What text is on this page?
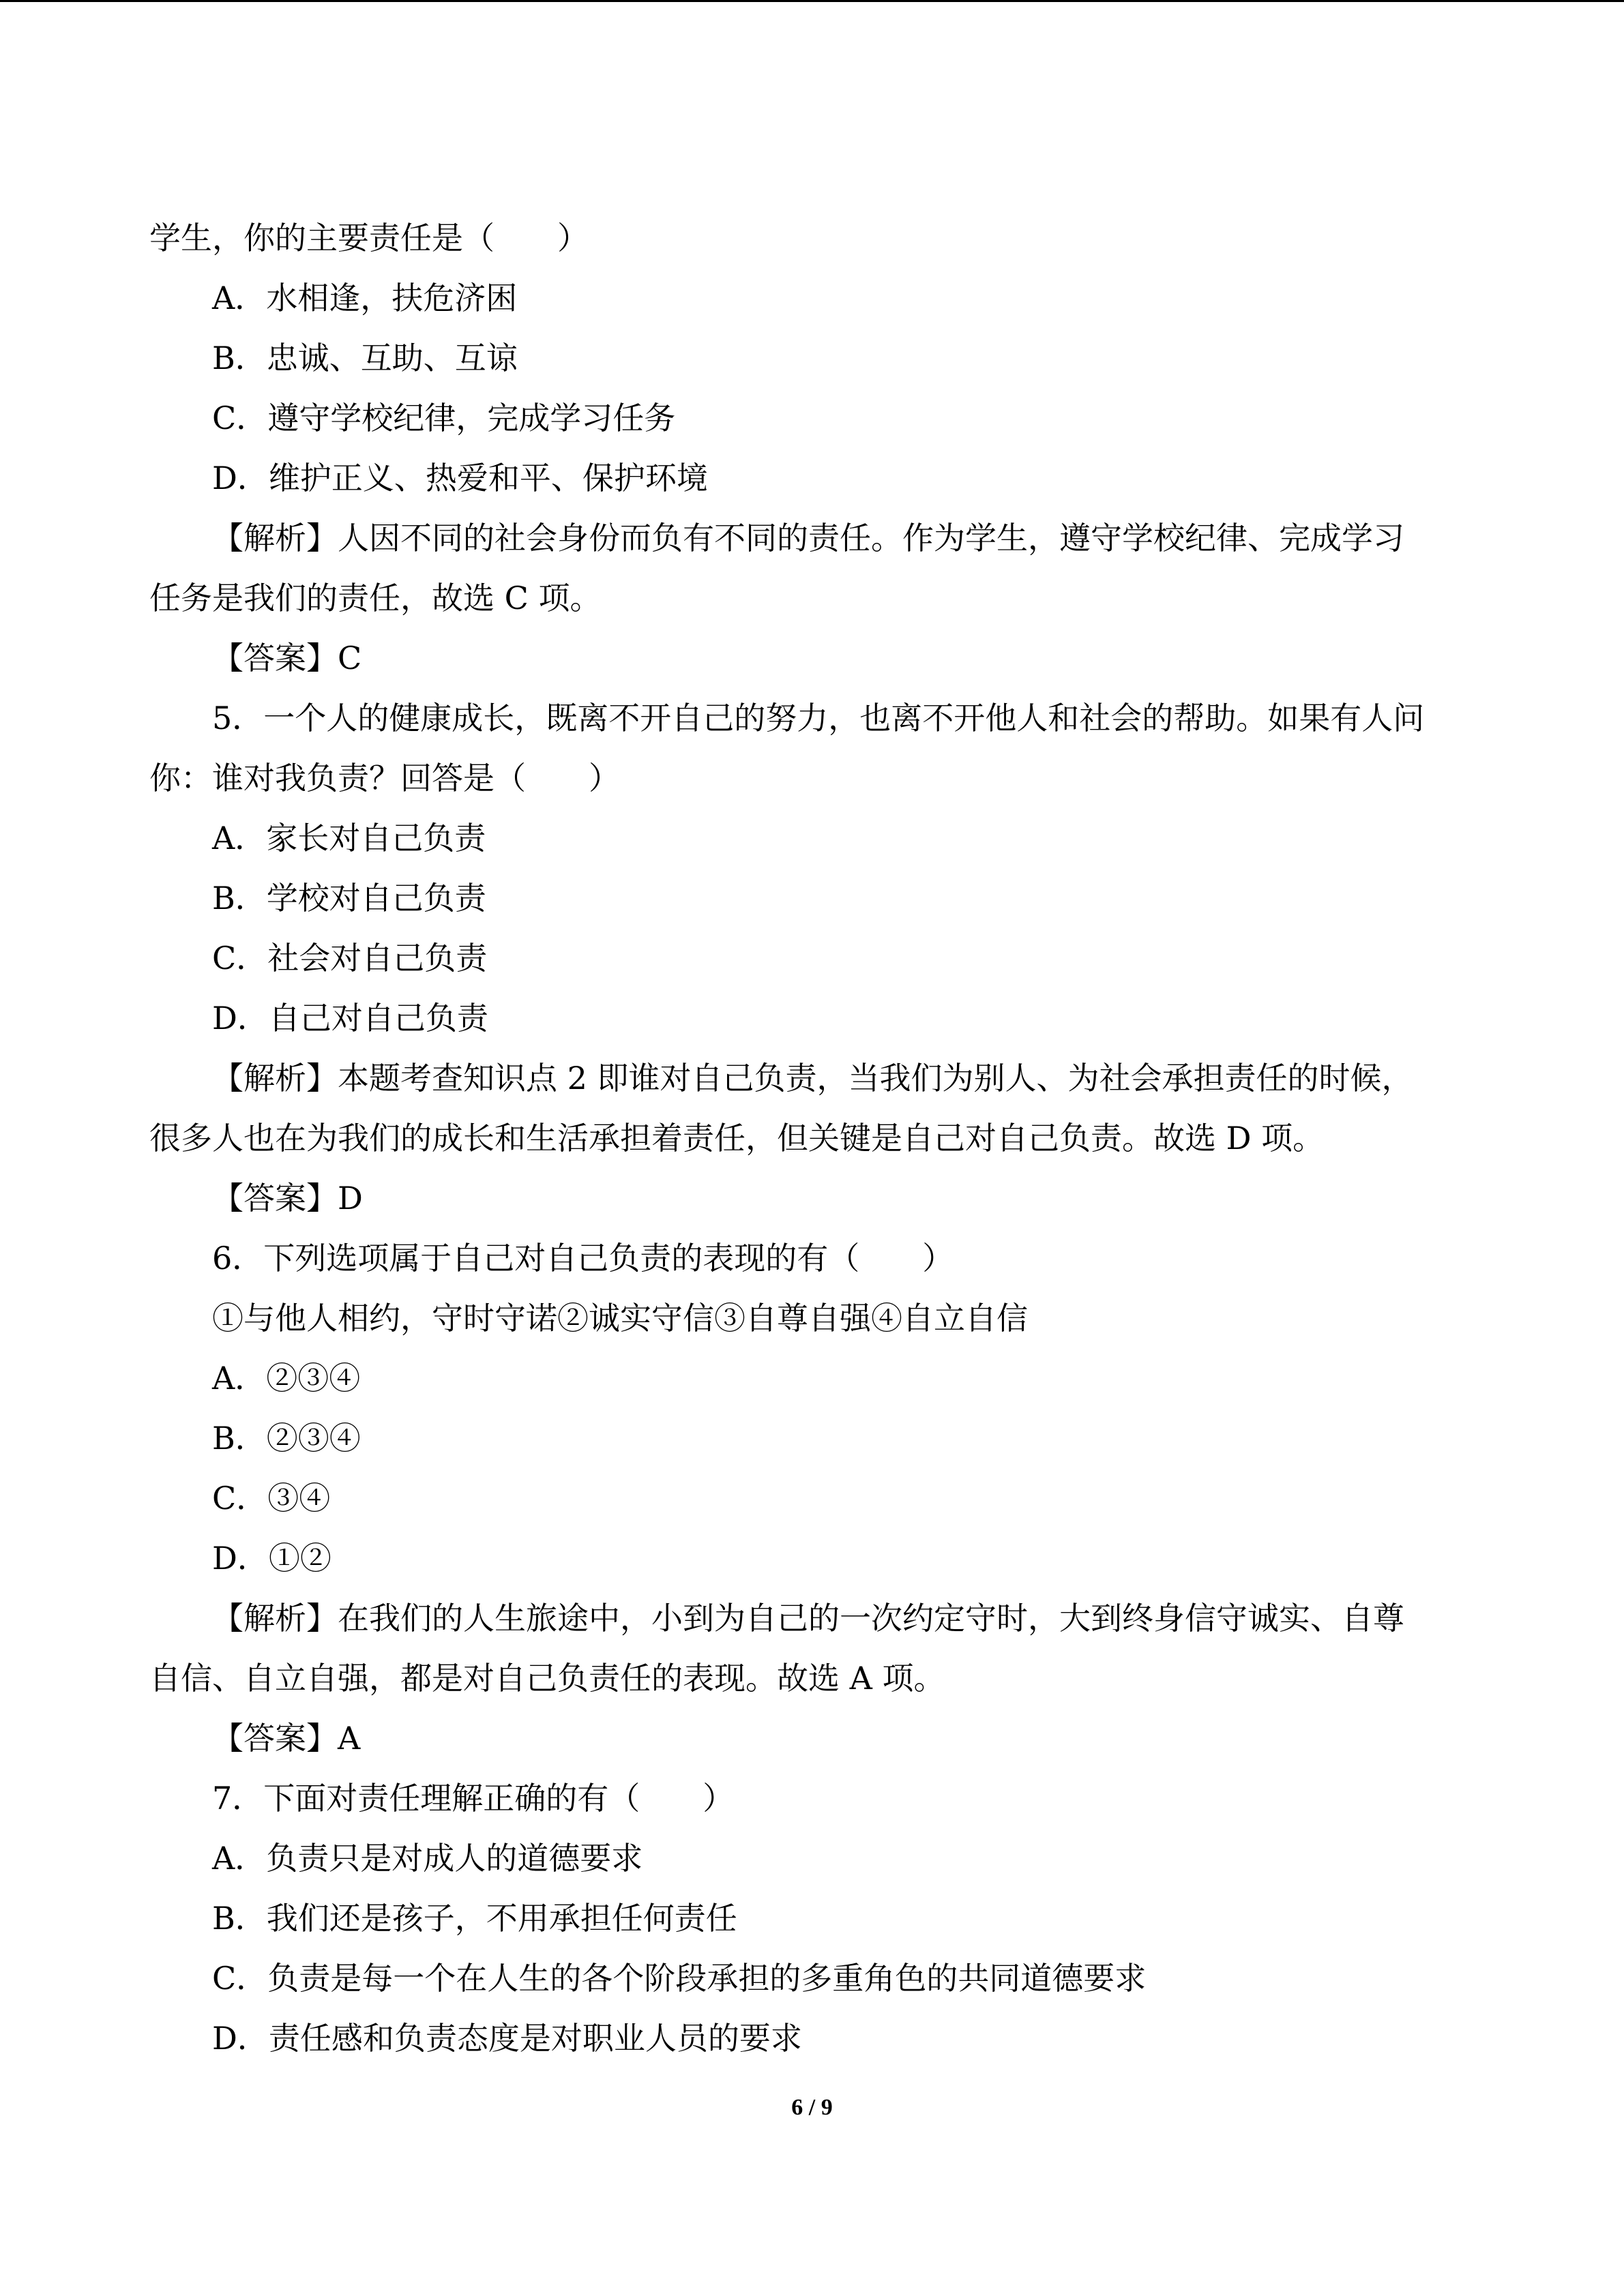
学生，你的主要责任是（　　）
A．水相逢，扶危济困
B．忠诚、互助、互谅
C．遵守学校纪律，完成学习任务
D．维护正义、热爱和平、保护环境
【解析】人因不同的社会身份而负有不同的责任。作为学生，遵守学校纪律、完成学习
任务是我们的责任，故选 C 项。
【答案】C
5．一个人的健康成长，既离不开自己的努力，也离不开他人和社会的帮助。如果有人问
你：谁对我负责？回答是（　　）
A．家长对自己负责
B．学校对自己负责
C．社会对自己负责
D．自己对自己负责
【解析】本题考查知识点 2 即谁对自己负责，当我们为别人、为社会承担责任的时候，
很多人也在为我们的成长和生活承担着责任，但关键是自己对自己负责。故选 D 项。
【答案】D
6．下列选项属于自己对自己负责的表现的有（　　）
①与他人相约，守时守诺②诚实守信③自尊自强④自立自信
A．②③④
B．②③④
C．③④
D．①②
【解析】在我们的人生旅途中，小到为自己的一次约定守时，大到终身信守诚实、自尊
自信、自立自强，都是对自己负责任的表现。故选 A 项。
【答案】A
7．下面对责任理解正确的有（　　）
A．负责只是对成人的道德要求
B．我们还是孩子，不用承担任何责任
C．负责是每一个在人生的各个阶段承担的多重角色的共同道德要求
D．责任感和负责态度是对职业人员的要求
6 / 9
